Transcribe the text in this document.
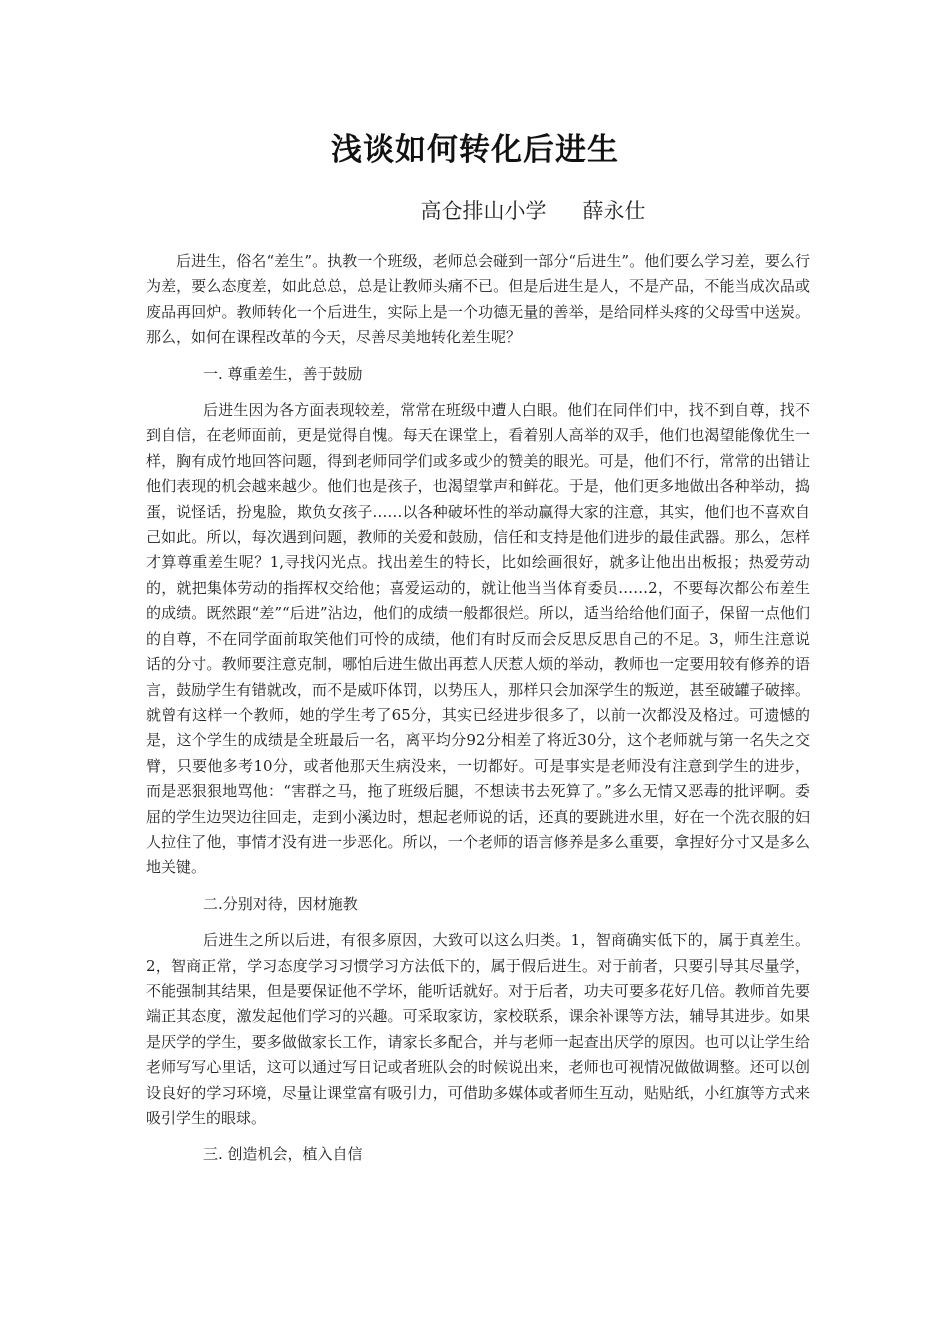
浅谈如何转化后进生
高仓排山小学 薛永仕

后进生，俗名“差生”。执教一个班级，老师总会碰到一部分“后进生”。他们要么学习差，要么行为差，要么态度差，如此总总，总是让教师头痛不已。但是后进生是人，不是产品，不能当成次品或废品再回炉。教师转化一个后进生，实际上是一个功德无量的善举，是给同样头疼的父母雪中送炭。那么，如何在课程改革的今天，尽善尽美地转化差生呢？

一. 尊重差生，善于鼓励

后进生因为各方面表现较差，常常在班级中遭人白眼。他们在同伴们中，找不到自尊，找不到自信，在老师面前，更是觉得自愧。每天在课堂上，看着别人高举的双手，他们也渴望能像优生一样，胸有成竹地回答问题，得到老师同学们或多或少的赞美的眼光。可是，他们不行，常常的出错让他们表现的机会越来越少。他们也是孩子，也渴望掌声和鲜花。于是，他们更多地做出各种举动，捣蛋，说怪话，扮鬼脸，欺负女孩子……以各种破坏性的举动赢得大家的注意，其实，他们也不喜欢自己如此。所以，每次遇到问题，教师的关爱和鼓励，信任和支持是他们进步的最佳武器。那么，怎样才算尊重差生呢？1,寻找闪光点。找出差生的特长，比如绘画很好，就多让他出出板报；热爱劳动的，就把集体劳动的指挥权交给他；喜爱运动的，就让他当当体育委员……2，不要每次都公布差生的成绩。既然跟“差”“后进”沾边，他们的成绩一般都很烂。所以，适当给给他们面子，保留一点他们的自尊，不在同学面前取笑他们可怜的成绩，他们有时反而会反思反思自己的不足。3，师生注意说话的分寸。教师要注意克制，哪怕后进生做出再惹人厌惹人烦的举动，教师也一定要用较有修养的语言，鼓励学生有错就改，而不是威吓体罚，以势压人，那样只会加深学生的叛逆，甚至破罐子破摔。就曾有这样一个教师，她的学生考了65分，其实已经进步很多了，以前一次都没及格过。可遗憾的是，这个学生的成绩是全班最后一名，离平均分92分相差了将近30分，这个老师就与第一名失之交臂，只要他多考10分，或者他那天生病没来，一切都好。可是事实是老师没有注意到学生的进步，而是恶狠狠地骂他：“害群之马，拖了班级后腿，不想读书去死算了。”多么无情又恶毒的批评啊。委屈的学生边哭边往回走，走到小溪边时，想起老师说的话，还真的要跳进水里，好在一个洗衣服的妇人拉住了他，事情才没有进一步恶化。所以，一个老师的语言修养是多么重要，拿捏好分寸又是多么地关键。

二.分别对待，因材施教

后进生之所以后进，有很多原因，大致可以这么归类。1，智商确实低下的，属于真差生。2，智商正常，学习态度学习习惯学习方法低下的，属于假后进生。对于前者，只要引导其尽量学，不能强制其结果，但是要保证他不学坏，能听话就好。对于后者，功夫可要多花好几倍。教师首先要端正其态度，激发起他们学习的兴趣。可采取家访，家校联系，课余补课等方法，辅导其进步。如果是厌学的学生，要多做做家长工作，请家长多配合，并与老师一起查出厌学的原因。也可以让学生给老师写写心里话，这可以通过写日记或者班队会的时候说出来，老师也可视情况做做调整。还可以创设良好的学习环境，尽量让课堂富有吸引力，可借助多媒体或者师生互动，贴贴纸，小红旗等方式来吸引学生的眼球。

三. 创造机会，植入自信
